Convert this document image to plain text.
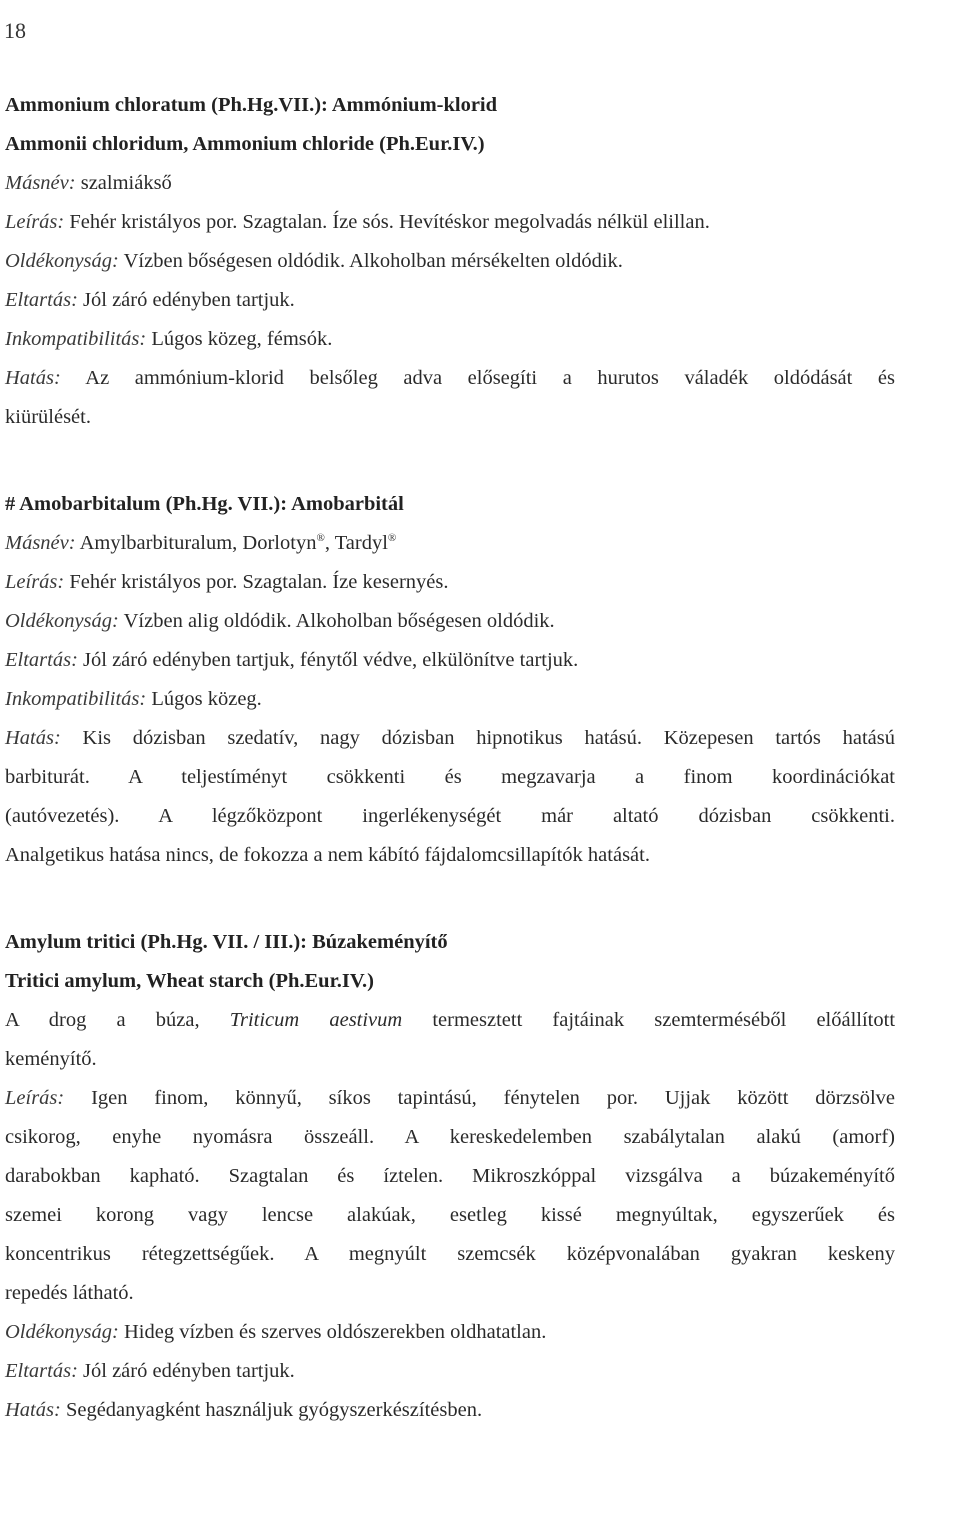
18

Ammonium chloratum (Ph.Hg.VII.): Ammónium-klorid

Ammonii chloridum, Ammonium chloride (Ph.Eur.IV.)

Másnév: szalmiákső

Leírás: Fehér kristályos por. Szagtalan. Íze sós. Hevítéskor megolvadás nélkül elillan.

Oldékonyság: Vízben bőségesen oldódik. Alkoholban mérsékelten oldódik.

Eltartás: Jól záró edényben tartjuk.

Inkompatibilitás: Lúgos közeg, fémsók.

Hatás: Az ammónium-klorid belsőleg adva elősegíti a hurutos váladék oldódását és

kiürülését.

# Amobarbitalum (Ph.Hg. VII.): Amobarbitál

Másnév: Amylbarbituralum, Dorlotyn®, Tardyl®

Leírás: Fehér kristályos por. Szagtalan. Íze kesernyés.

Oldékonyság: Vízben alig oldódik. Alkoholban bőségesen oldódik.

Eltartás: Jól záró edényben tartjuk, fénytől védve, elkülönítve tartjuk.

Inkompatibilitás: Lúgos közeg.

Hatás: Kis dózisban szedatív, nagy dózisban hipnotikus hatású. Közepesen tartós hatású

barbiturát. A teljestíményt csökkenti és megzavarja a finom koordinációkat

(autóvezetés). A légzőközpont ingerlékenységét már altató dózisban csökkenti.

Analgetikus hatása nincs, de fokozza a nem kábító fájdalomcsillapítók hatását.

Amylum tritici (Ph.Hg. VII. / III.): Búzakeményítő

Tritici amylum, Wheat starch (Ph.Eur.IV.)

A drog a búza, Triticum aestivum termesztett fajtáinak szemterméséből előállított

keményítő.

Leírás: Igen finom, könnyű, síkos tapintású, fénytelen por. Ujjak között dörzsölve

csikorog, enyhe nyomásra összeáll. A kereskedelemben szabálytalan alakú (amorf)

darabokban kapható. Szagtalan és íztelen. Mikroszkóppal vizsgálva a búzakeményítő

szemei korong vagy lencse alakúak, esetleg kissé megnyúltak, egyszerűek és

koncentrikus rétegzettségűek. A megnyúlt szemcsék középvonalában gyakran keskeny

repedés látható.

Oldékonyság: Hideg vízben és szerves oldószerekben oldhatatlan.

Eltartás: Jól záró edényben tartjuk.

Hatás: Segédanyagként használjuk gyógyszerkészítésben.
